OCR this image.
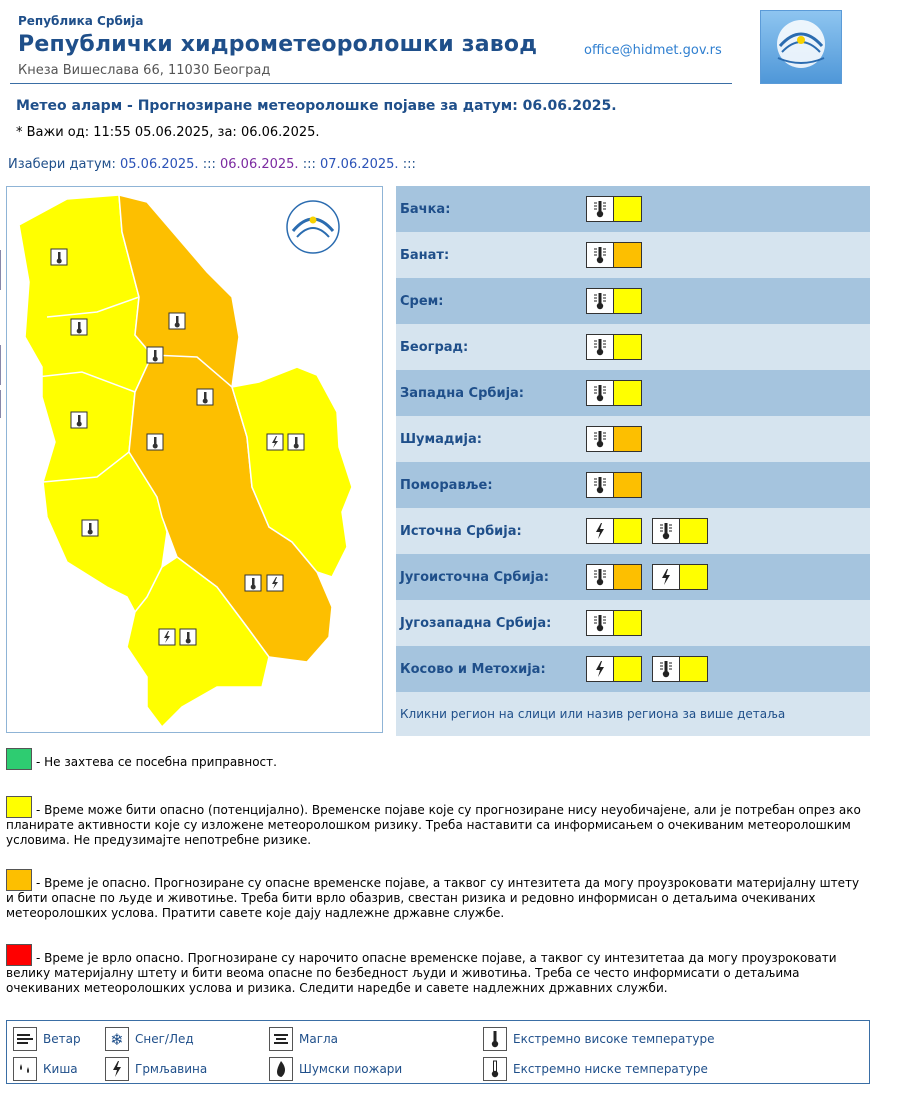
Република Србија
Републички хидрометеоролошки завод
Кнеза Вишеслава 66, 11030 Београд
office@hidmet.gov.rs
Метео аларм - Прогнозиране метеоролошке појаве за датум: 06.06.2025.
* Важи од: 11:55 05.06.2025, за: 06.06.2025.
Изабери датум: 05.06.2025. ::: 06.06.2025. ::: 07.06.2025. :::
Бачка:
Банат:
Срем:
Београд:
Западна Србија:
Шумадија:
Поморавље:
Источна Србија:
Југоисточна Србија:
Југозападна Србија:
Косово и Метохија:
Кликни регион на слици или назив региона за више детаља
- Не захтева се посебна приправност.
- Време може бити опасно (потенцијално). Временске појаве које су прогнозиране нису неуобичајене, али је потребан опрез ако планирате активности које су изложене метеоролошком ризику. Треба наставити са информисањем о очекиваним метеоролошким условима. Не предузимајте непотребне ризике.
- Време је опасно. Прогнозиране су опасне временске појаве, а таквог су интезитета да могу проузроковати материјалну штету и бити опасне по људе и животиње. Треба бити врло обазрив, свестан ризика и редовно информисан о детаљима очекиваних метеоролошких услова. Пратити савете које дају надлежне државне службе.
- Време је врло опасно. Прогнозиране су нарочито опасне временске појаве, а таквог су интезитетаа да могу проузроковати велику материјалну штету и бити веома опасне по безбедност људи и животиња. Треба се често информисати о детаљима очекиваних метеоролошких услова и ризика. Следити наредбе и савете надлежних државних служби.
Ветар	❄ Снег/Лед	Магла	Екстремно високе температуре
Киша	Грмљавина	Шумски пожари	Екстремно ниске температуре
